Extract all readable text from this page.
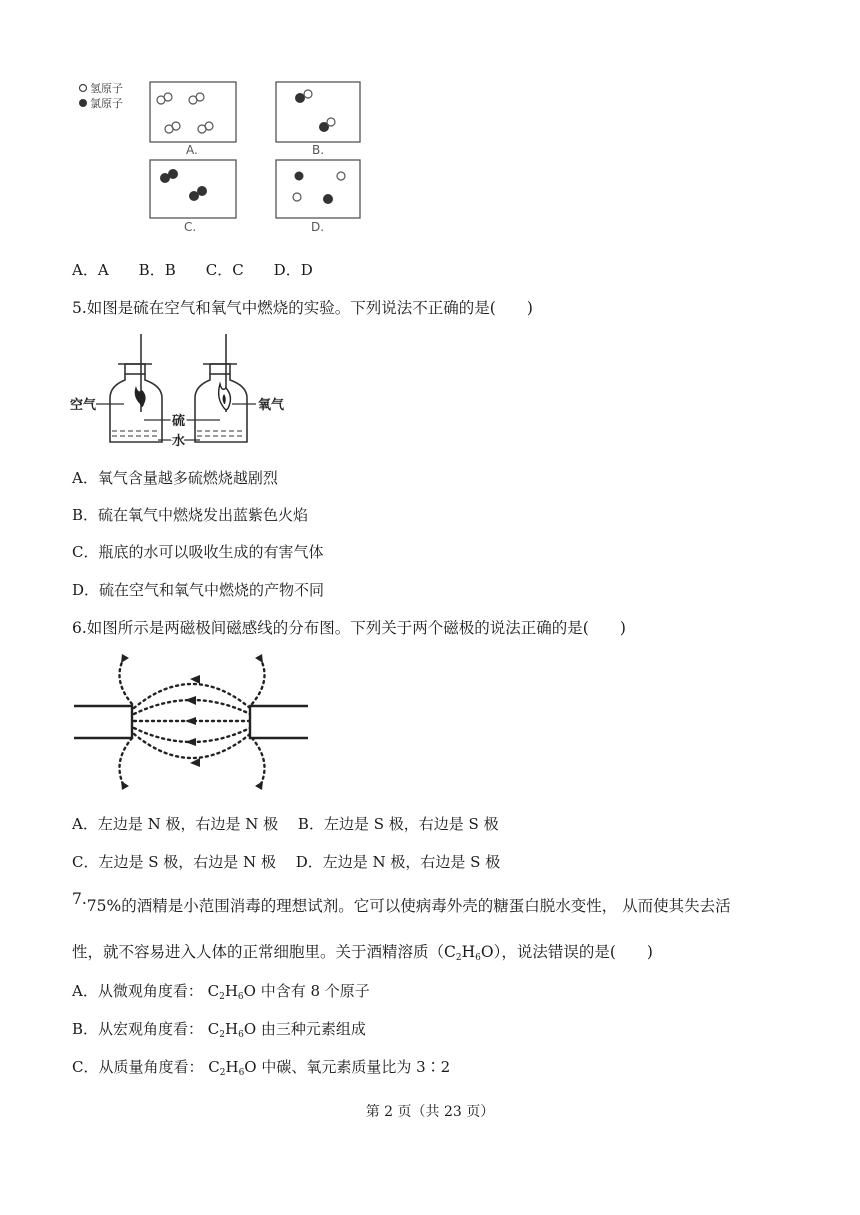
氢原子
氯原子
A.	B.
C.	D.
A．A　　B．B　　C．C　　D．D
5.如图是硫在空气和氧气中燃烧的实验。下列说法不正确的是(　　)
空气
硫
水
氧气
A．氧气含量越多硫燃烧越剧烈
B．硫在氧气中燃烧发出蓝紫色火焰
C．瓶底的水可以吸收生成的有害气体
D．硫在空气和氧气中燃烧的产物不同
6.如图所示是两磁极间磁感线的分布图。下列关于两个磁极的说法正确的是(　　)
A．左边是 N 极，右边是 N 极　 B．左边是 S 极，右边是 S 极
C．左边是 S 极，右边是 N 极　 D．左边是 N 极，右边是 S 极
7.75%的酒精是小范围消毒的理想试剂。它可以使病毒外壳的糖蛋白脱水变性， 从而使其失去活
性，就不容易进入人体的正常细胞里。关于酒精溶质（C2H6O），说法错误的是(　　)
A．从微观角度看： $C_2H_6O$ 中含有 8 个原子
B．从宏观角度看： $C_2H_6O$ 由三种元素组成
C．从质量角度看： $C_2H_6O$ 中碳、氧元素质量比为 3∶2
第 2 页（共 23 页）
